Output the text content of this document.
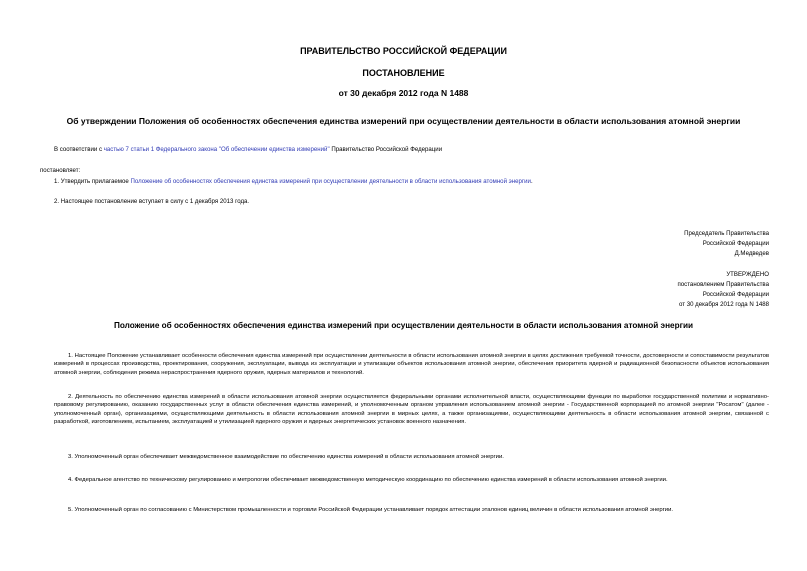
ПРАВИТЕЛЬСТВО РОССИЙСКОЙ ФЕДЕРАЦИИ
ПОСТАНОВЛЕНИЕ
от 30 декабря 2012 года N 1488
Об утверждении Положения об особенностях обеспечения единства измерений при осуществлении деятельности в области использования атомной энергии
В соответствии с частью 7 статьи 1 Федерального закона "Об обеспечении единства измерений" Правительство Российской Федерации
постановляет:
1. Утвердить прилагаемое Положение об особенностях обеспечения единства измерений при осуществлении деятельности в области использования атомной энергии.
2. Настоящее постановление вступает в силу с 1 декабря 2013 года.
Председатель Правительства
Российской Федерации
Д.Медведев
УТВЕРЖДЕНО
постановлением Правительства
Российской Федерации
от 30 декабря 2012 года N 1488
Положение об особенностях обеспечения единства измерений при осуществлении деятельности в области использования атомной энергии
1. Настоящее Положение устанавливает особенности обеспечения единства измерений при осуществлении деятельности в области использования атомной энергии в целях достижения требуемой точности, достоверности и сопоставимости результатов измерений в процессах производства, проектирования, сооружения, эксплуатации, вывода из эксплуатации и утилизации объектов использования атомной энергии, обеспечения приоритета ядерной и радиационной безопасности объектов использования атомной энергии, соблюдения режима нераспространения ядерного оружия, ядерных материалов и технологий.
2. Деятельность по обеспечению единства измерений в области использования атомной энергии осуществляется федеральными органами исполнительной власти, осуществляющими функции по выработке государственной политики и нормативно-правовому регулированию, оказанию государственных услуг в области обеспечения единства измерений, и уполномоченным органом управления использованием атомной энергии - Государственной корпорацией по атомной энергии "Росатом" (далее - уполномоченный орган), организациями, осуществляющими деятельность в области использования атомной энергии в мирных целях, а также организациями, осуществляющими деятельность в области использования атомной энергии, связанной с разработкой, изготовлением, испытанием, эксплуатацией и утилизацией ядерного оружия и ядерных энергетических установок военного назначения.
3. Уполномоченный орган обеспечивает межведомственное взаимодействие по обеспечению единства измерений в области использования атомной энергии.
4. Федеральное агентство по техническому регулированию и метрологии обеспечивает межведомственную методическую координацию по обеспечению единства измерений в области использования атомной энергии.
5. Уполномоченный орган по согласованию с Министерством промышленности и торговли Российской Федерации устанавливает порядок аттестации эталонов единиц величин в области использования атомной энергии.
